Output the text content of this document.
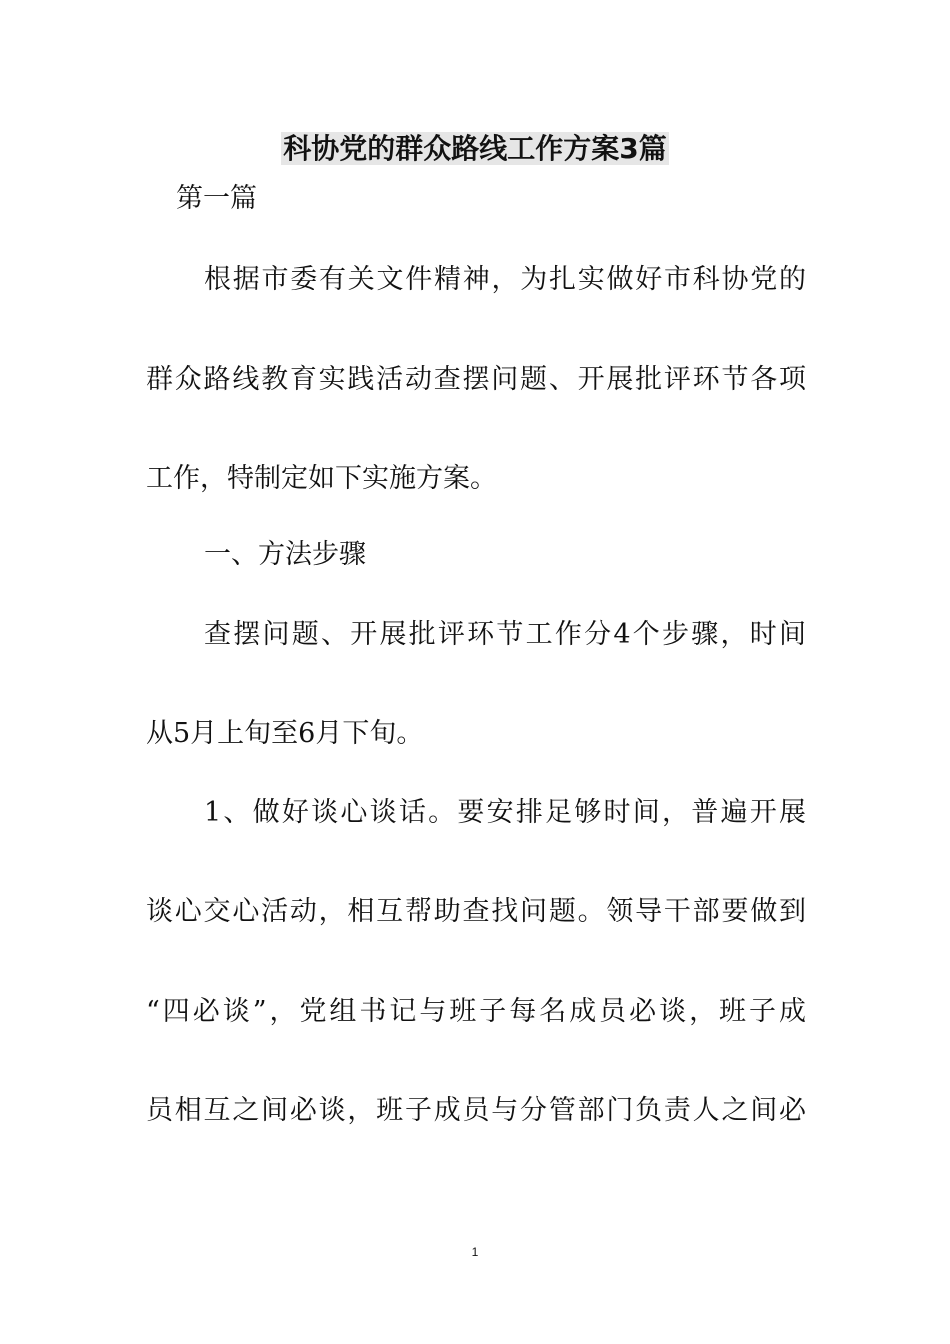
科协党的群众路线工作方案3篇
第一篇
根据市委有关文件精神，为扎实做好市科协党的
群众路线教育实践活动查摆问题、开展批评环节各项
工作，特制定如下实施方案。
一、方法步骤
查摆问题、开展批评环节工作分4个步骤，时间
从5月上旬至6月下旬。
1、做好谈心谈话。要安排足够时间，普遍开展
谈心交心活动，相互帮助查找问题。领导干部要做到
“四必谈”，党组书记与班子每名成员必谈，班子成
员相互之间必谈，班子成员与分管部门负责人之间必
1
